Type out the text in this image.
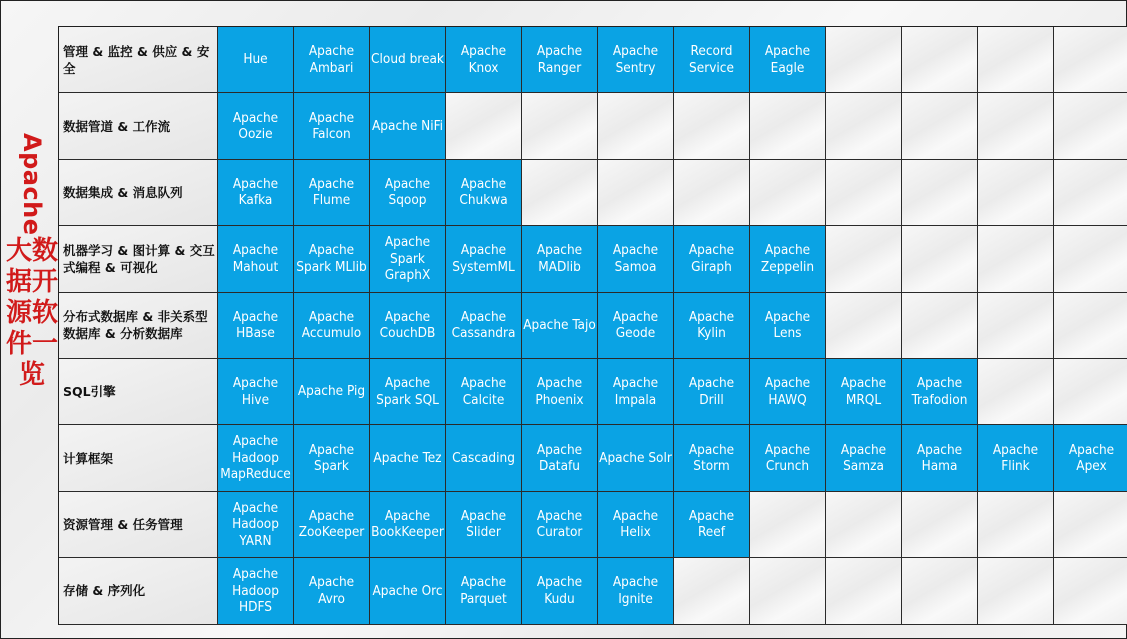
Apache
大数据开源软件一览
管理 & 监控 & 供应 & 安全
Hue
Apache Ambari
Cloud break
Apache Knox
Apache Ranger
Apache Sentry
Record Service
Apache Eagle
数据管道 & 工作流
Apache Oozie
Apache Falcon
Apache NiFi
数据集成 & 消息队列
Apache Kafka
Apache Flume
Apache Sqoop
Apache Chukwa
机器学习 & 图计算 & 交互式编程 & 可视化
Apache Mahout
Apache Spark MLlib
Apache Spark GraphX
Apache SystemML
Apache MADlib
Apache Samoa
Apache Giraph
Apache Zeppelin
分布式数据库 & 非关系型数据库 & 分析数据库
Apache HBase
Apache Accumulo
Apache CouchDB
Apache Cassandra
Apache Tajo
Apache Geode
Apache Kylin
Apache Lens
SQL引擎
Apache Hive
Apache Pig
Apache Spark SQL
Apache Calcite
Apache Phoenix
Apache Impala
Apache Drill
Apache HAWQ
Apache MRQL
Apache Trafodion
计算框架
Apache Hadoop MapReduce
Apache Spark
Apache Tez Cascading
Apache Datafu
Apache Solr
Apache Storm
Apache Crunch
Apache Samza
Apache Hama
Apache Flink
Apache Apex
资源管理 & 任务管理
Apache Hadoop YARN
Apache ZooKeeper
Apache BookKeeper
Apache Slider
Apache Curator
Apache Helix
Apache Reef
存储 & 序列化
Apache Hadoop HDFS
Apache Avro
Apache Orc
Apache Parquet
Apache Kudu
Apache Ignite
